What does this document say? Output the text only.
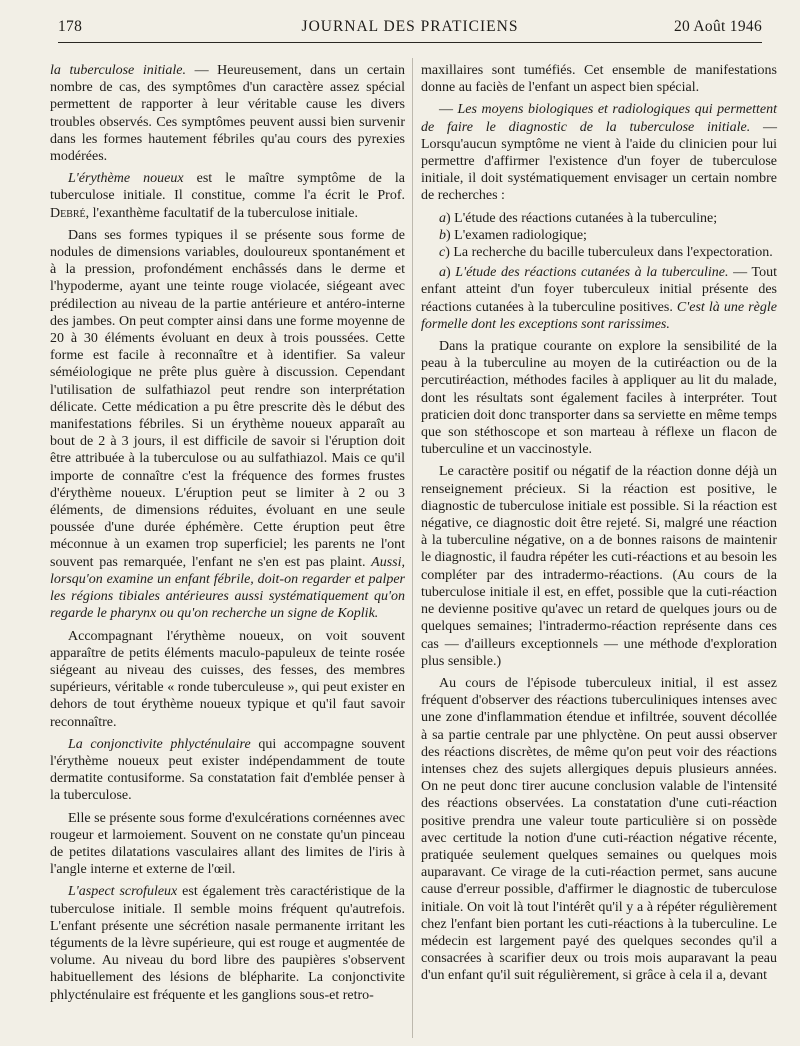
178	JOURNAL DES PRATICIENS	20 Août 1946

la tuberculose initiale. — Heureusement, dans un certain nombre de cas, des symptômes d'un caractère assez spécial permettent de rapporter à leur véritable cause les divers troubles observés. Ces symptômes peuvent aussi bien survenir dans les formes hautement fébriles qu'au cours des pyrexies modérées.

L'érythème noueux est le maître symptôme de la tuberculose initiale. Il constitue, comme l'a écrit le Prof. Debré, l'exanthème facultatif de la tuberculose initiale.

Dans ses formes typiques il se présente sous forme de nodules de dimensions variables, douloureux spontanément et à la pression, profondément enchâssés dans le derme et l'hypoderme, ayant une teinte rouge violacée, siégeant avec prédilection au niveau de la partie antérieure et antéro-interne des jambes. On peut compter ainsi dans une forme moyenne de 20 à 30 éléments évoluant en deux à trois poussées. Cette forme est facile à reconnaître et à identifier. Sa valeur séméiologique ne prête plus guère à discussion. Cependant l'utilisation de sulfathiazol peut rendre son interprétation délicate. Cette médication a pu être prescrite dès le début des manifestations fébriles. Si un érythème noueux apparaît au bout de 2 à 3 jours, il est difficile de savoir si l'éruption doit être attribuée à la tuberculose ou au sulfathiazol. Mais ce qu'il importe de connaître c'est la fréquence des formes frustes d'érythème noueux. L'éruption peut se limiter à 2 ou 3 éléments, de dimensions réduites, évoluant en une seule poussée d'une durée éphémère. Cette éruption peut être méconnue à un examen trop superficiel; les parents ne l'ont souvent pas remarquée, l'enfant ne s'en est pas plaint. Aussi, lorsqu'on examine un enfant fébrile, doit-on regarder et palper les régions tibiales antérieures aussi systématiquement qu'on regarde le pharynx ou qu'on recherche un signe de Koplik.

Accompagnant l'érythème noueux, on voit souvent apparaître de petits éléments maculo-papuleux de teinte rosée siégeant au niveau des cuisses, des fesses, des membres supérieurs, véritable « ronde tuberculeuse », qui peut exister en dehors de tout érythème noueux typique et qu'il faut savoir reconnaître.

La conjonctivite phlycténulaire qui accompagne souvent l'érythème noueux peut exister indépendamment de toute dermatite contusiforme. Sa constatation fait d'emblée penser à la tuberculose.

Elle se présente sous forme d'exulcérations cornéennes avec rougeur et larmoiement. Souvent on ne constate qu'un pinceau de petites dilatations vasculaires allant des limites de l'iris à l'angle interne et externe de l'œil.

L'aspect scrofuleux est également très caractéristique de la tuberculose initiale. Il semble moins fréquent qu'autrefois. L'enfant présente une sécrétion nasale permanente irritant les téguments de la lèvre supérieure, qui est rouge et augmentée de volume. Au niveau du bord libre des paupières s'observent habituellement des lésions de blépharite. La conjonctivite phlycténulaire est fréquente et les ganglions sous-et retro-

maxillaires sont tuméfiés. Cet ensemble de manifestations donne au faciès de l'enfant un aspect bien spécial.

— Les moyens biologiques et radiologiques qui permettent de faire le diagnostic de la tuberculose initiale. — Lorsqu'aucun symptôme ne vient à l'aide du clinicien pour lui permettre d'affirmer l'existence d'un foyer de tuberculose initiale, il doit systématiquement envisager un certain nombre de recherches :

a) L'étude des réactions cutanées à la tuberculine;

b) L'examen radiologique;

c) La recherche du bacille tuberculeux dans l'expectoration.

a) L'étude des réactions cutanées à la tuberculine. — Tout enfant atteint d'un foyer tuberculeux initial présente des réactions cutanées à la tuberculine positives. C'est là une règle formelle dont les exceptions sont rarissimes.

Dans la pratique courante on explore la sensibilité de la peau à la tuberculine au moyen de la cutiréaction ou de la percutiréaction, méthodes faciles à appliquer au lit du malade, dont les résultats sont également faciles à interpréter. Tout praticien doit donc transporter dans sa serviette en même temps que son stéthoscope et son marteau à réflexe un flacon de tuberculine et un vaccinostyle.

Le caractère positif ou négatif de la réaction donne déjà un renseignement précieux. Si la réaction est positive, le diagnostic de tuberculose initiale est possible. Si la réaction est négative, ce diagnostic doit être rejeté. Si, malgré une réaction à la tuberculine négative, on a de bonnes raisons de maintenir le diagnostic, il faudra répéter les cuti-réactions et au besoin les compléter par des intradermo-réactions. (Au cours de la tuberculose initiale il est, en effet, possible que la cuti-réaction ne devienne positive qu'avec un retard de quelques jours ou de quelques semaines; l'intradermo-réaction représente dans ces cas — d'ailleurs exceptionnels — une méthode d'exploration plus sensible.)

Au cours de l'épisode tuberculeux initial, il est assez fréquent d'observer des réactions tuberculiniques intenses avec une zone d'inflammation étendue et infiltrée, souvent décollée à sa partie centrale par une phlyctène. On peut aussi observer des réactions discrètes, de même qu'on peut voir des réactions intenses chez des sujets allergiques depuis plusieurs années. On ne peut donc tirer aucune conclusion valable de l'intensité des réactions observées. La constatation d'une cuti-réaction positive prendra une valeur toute particulière si on possède avec certitude la notion d'une cuti-réaction négative récente, pratiquée seulement quelques semaines ou quelques mois auparavant. Ce virage de la cuti-réaction permet, sans aucune cause d'erreur possible, d'affirmer le diagnostic de tuberculose initiale. On voit là tout l'intérêt qu'il y a à répéter régulièrement chez l'enfant bien portant les cuti-réactions à la tuberculine. Le médecin est largement payé des quelques secondes qu'il a consacrées à scarifier deux ou trois mois auparavant la peau d'un enfant qu'il suit régulièrement, si grâce à cela il a, devant
